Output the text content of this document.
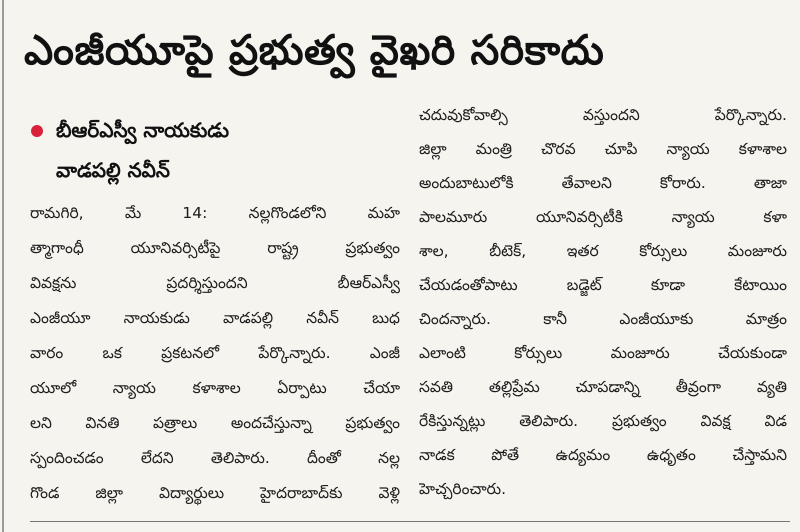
ఎంజీయూపై ప్రభుత్వ వైఖరి సరికాదు
బీఆర్ఎస్వీ నాయకుడు
వాడపల్లి నవీన్
రామగిరి, మే 14: నల్లగొండలోని మహ
త్మాగాంధీ యూనివర్సిటీపై రాష్ట్ర ప్రభుత్వం
వివక్షను ప్రదర్శిస్తుందని బీఆర్ఎస్వీ
ఎంజీయూ నాయకుడు వాడపల్లి నవీన్ బుధ
వారం ఒక ప్రకటనలో పేర్కొన్నారు. ఎంజీ
యూలో న్యాయ కళాశాల ఏర్పాటు చేయా
లని వినతి పత్రాలు అందచేస్తున్నా ప్రభుత్వం
స్పందించడం లేదని తెలిపారు. దీంతో నల్ల
గొండ జిల్లా విద్యార్థులు హైదరాబాద్‌కు వెళ్లి
చదువుకోవాల్సి వస్తుందని పేర్కొన్నారు.
జిల్లా మంత్రి చొరవ చూపి న్యాయ కళాశాల
అందుబాటులోకి తేవాలని కోరారు. తాజా
పాలమూరు యూనివర్సిటీకి న్యాయ కళా
శాల, బీటెక్, ఇతర కోర్సులు మంజూరు
చేయడంతోపాటు బడ్జెట్ కూడా కేటాయిం
చిందన్నారు. కానీ ఎంజీయూకు మాత్రం
ఎలాంటి కోర్సులు మంజూరు చేయకుండా
సవతి తల్లిప్రేమ చూపడాన్ని తీవ్రంగా వ్యతి
రేకిస్తున్నట్లు తెలిపారు. ప్రభుత్వం వివక్ష విడ
నాడక పోతే ఉద్యమం ఉధృతం చేస్తామని
హెచ్చరించారు.
